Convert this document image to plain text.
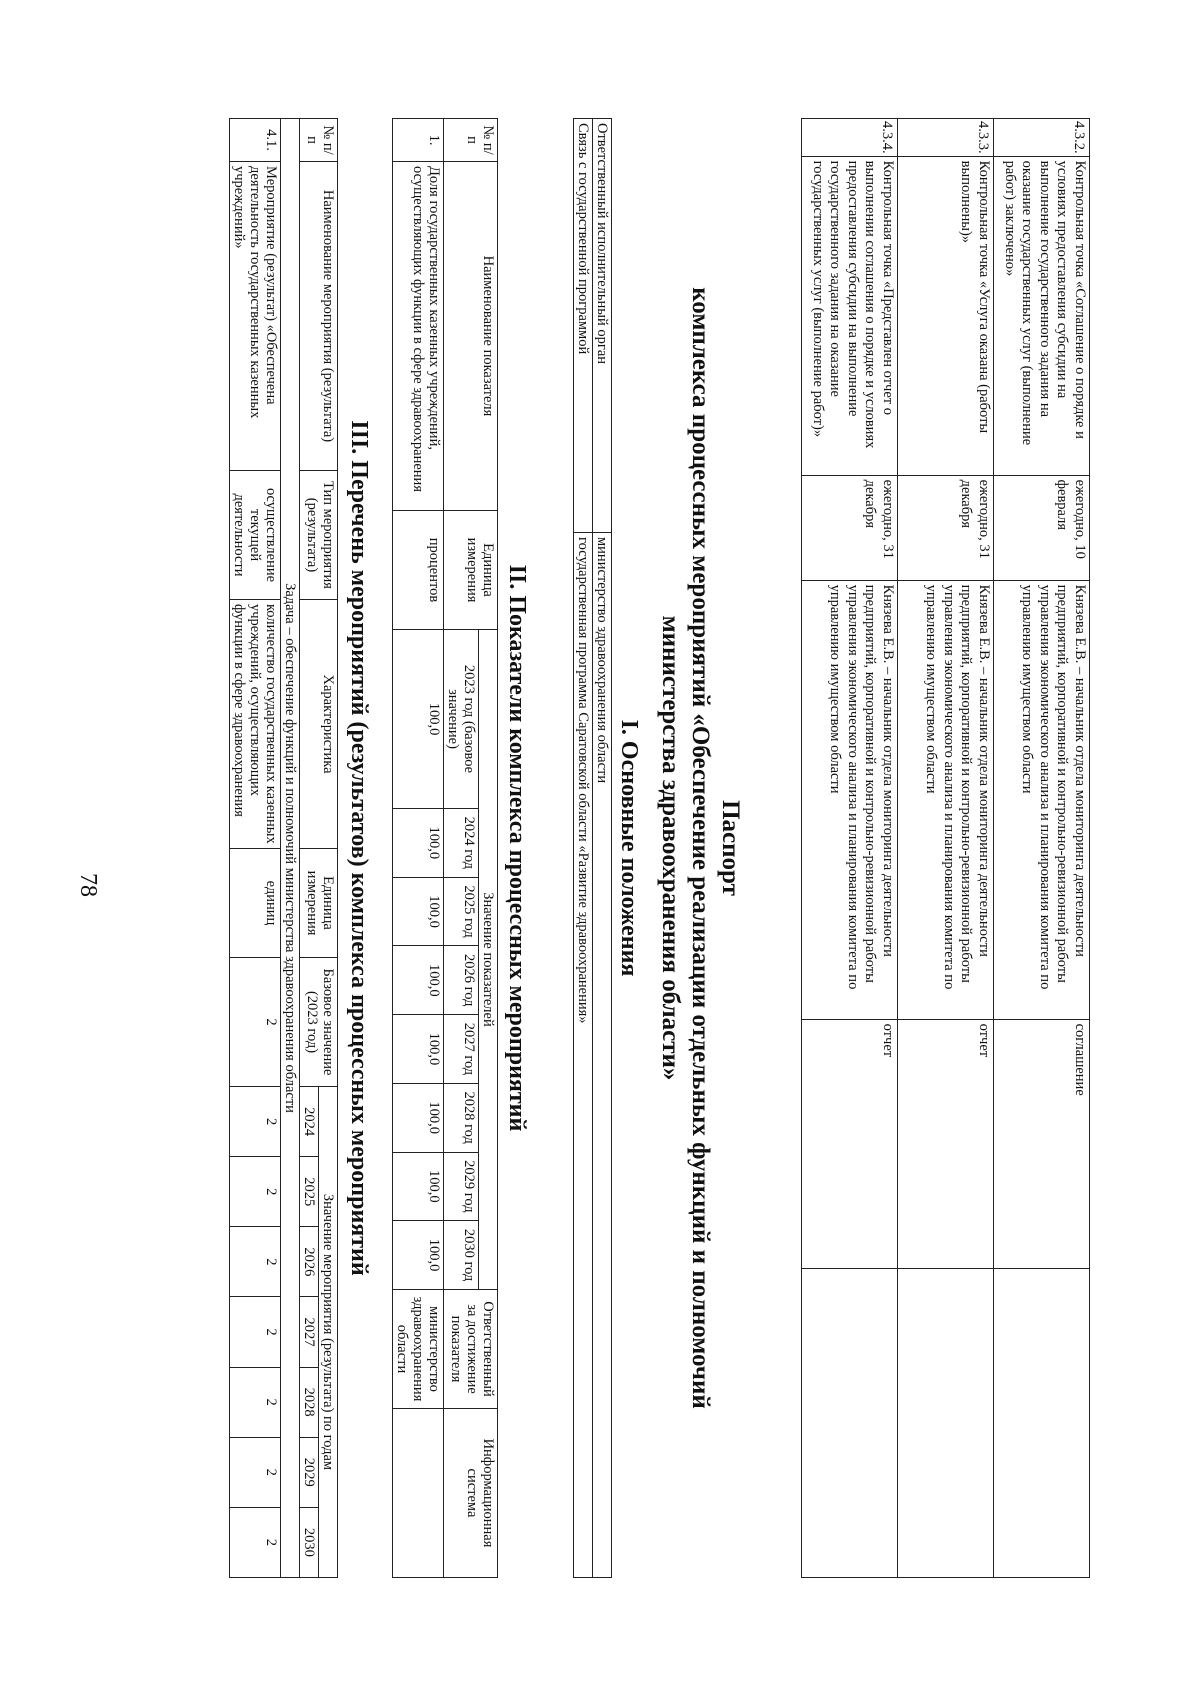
78
4.3.2.	Контрольная точка «Соглашение о порядке и условиях предоставления субсидии на выполнение государственного задания на оказание государственных услуг (выполнение работ) заключено»	ежегодно, 10 февраля	Князева Е.В. – начальник отдела мониторинга деятельности предприятий, корпоративной и контрольно-ревизионной работы управления экономического анализа и планирования комитета по управлению имуществом области	соглашение	
4.3.3.	Контрольная точка «Услуга оказана (работы выполнены)»	ежегодно, 31 декабря	Князева Е.В. – начальник отдела мониторинга деятельности предприятий, корпоративной и контрольно-ревизионной работы управления экономического анализа и планирования комитета по управлению имуществом области	отчет	
4.3.4.	Контрольная точка «Представлен отчет о выполнении соглашения о порядке и условиях предоставления субсидии на выполнение государственного задания на оказание государственных услуг (выполнение работ)»	ежегодно, 31 декабря	Князева Е.В. – начальник отдела мониторинга деятельности предприятий, корпоративной и контрольно-ревизионной работы управления экономического анализа и планирования комитета по управлению имуществом области	отчет	
Паспорт
комплекса процессных мероприятий «Обеспечение реализации отдельных функций и полномочий
министерства здравоохранения области»
I. Основные положения
Ответственный исполнительный орган	министерство здравоохранения области
Связь с государственной программой	государственная программа Саратовской области «Развитие здравоохранения»
II. Показатели комплекса процессных мероприятий
№ п/п	Наименование показателя	Единица измерения	Значение показателей								Ответственный за достижение показателя	Информационная система
			2023 год (базовое значение)	2024 год	2025 год	2026 год	2027 год	2028 год	2029 год	2030 год		
1.	Доля государственных казенных учреждений, осуществляющих функции в сфере здравоохранения	процентов	100,0	100,0	100,0	100,0	100,0	100,0	100,0	100,0	министерство здравоохранения области	
III. Перечень мероприятий (результатов) комплекса процессных мероприятий
№ п/п	Наименование мероприятия (результата)	Тип мероприятия (результата)	Характеристика	Единица измерения	Базовое значение (2023 год)	Значение мероприятия (результата) по годам						
						2024	2025	2026	2027	2028	2029	2030
Задача – обеспечение функций и полномочий министерства здравоохранения области												
4.1.	Мероприятие (результат) «Обеспечена деятельность государственных казенных учреждений»	осуществление текущей деятельности	количество государственных казенных учреждений, осуществляющих функции в сфере здравоохранения	единиц	2	2	2	2	2	2	2	2
